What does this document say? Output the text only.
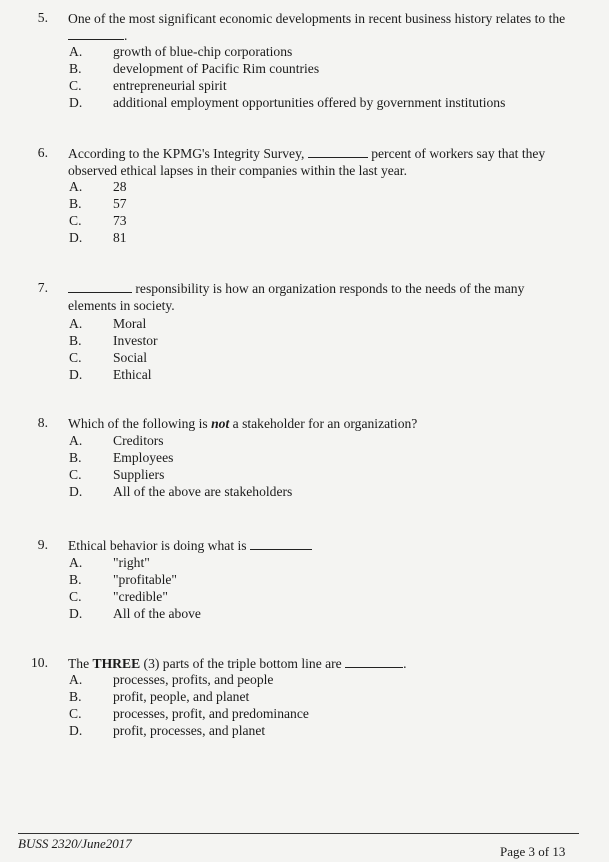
5. One of the most significant economic developments in recent business history relates to the .
A. growth of blue-chip corporations
B. development of Pacific Rim countries
C. entrepreneurial spirit
D. additional employment opportunities offered by government institutions
6. According to the KPMG's Integrity Survey,	percent of workers say that they observed ethical lapses in their companies within the last year.
A. 28
B. 57
C. 73
D. 81
7.	responsibility is how an organization responds to the needs of the many elements in society.
A. Moral
B. Investor
C. Social
D. Ethical
8. Which of the following is not a stakeholder for an organization?
A. Creditors
B. Employees
C. Suppliers
D. All of the above are stakeholders
9. Ethical behavior is doing what is
A. "right"
B. "profitable"
C. "credible"
D. All of the above
10. The THREE (3) parts of the triple bottom line are	.
A. processes, profits, and people
B. profit, people, and planet
C. processes, profit, and predominance
D. profit, processes, and planet
BUSS 2320/June2017
Page 3 of 13
